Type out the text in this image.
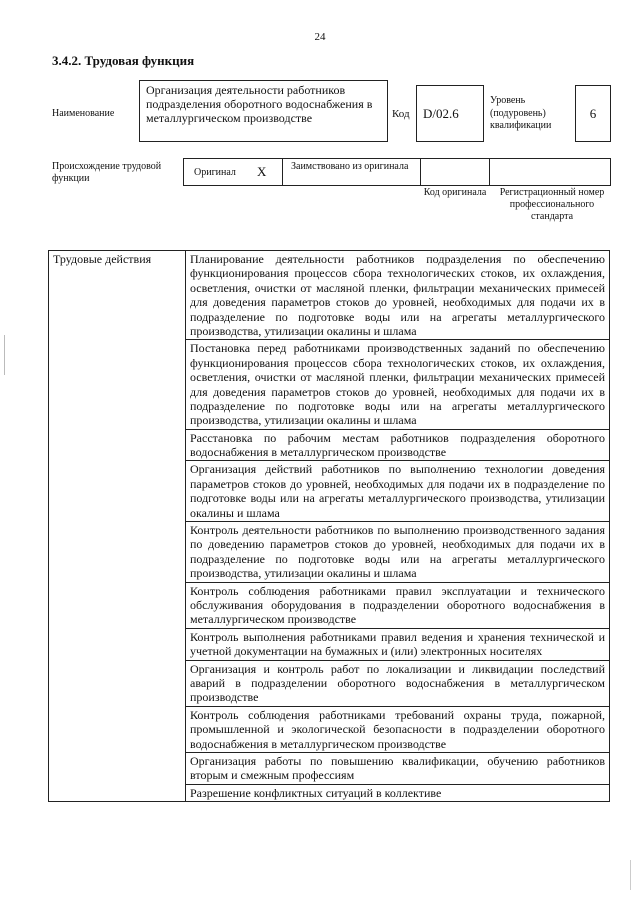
24
3.4.2. Трудовая функция
Наименование
Организация деятельности работников подразделения оборотного водоснабжения в металлургическом производстве	Код	D/02.6
Уровень (подуровень) квалификации
6
Происхождение трудовой функции
Оригинал X Заимствовано из оригинала
Код оригинала	Регистрационный номер профессионального стандарта
Трудовые действия	Планирование деятельности работников подразделения по обеспечению функционирования процессов сбора технологических стоков, их охлаждения, осветления, очистки от масляной пленки, фильтрации механических примесей для доведения параметров стоков до уровней, необходимых для подачи их в подразделение по подготовке воды или на агрегаты металлургического производства, утилизации окалины и шлама
Постановка перед работниками производственных заданий по обеспечению функционирования процессов сбора технологических стоков, их охлаждения, осветления, очистки от масляной пленки, фильтрации механических примесей для доведения параметров стоков до уровней, необходимых для подачи их в подразделение по подготовке воды или на агрегаты металлургического производства, утилизации окалины и шлама
Расстановка по рабочим местам работников подразделения оборотного водоснабжения в металлургическом производстве
Организация действий работников по выполнению технологии доведения параметров стоков до уровней, необходимых для подачи их в подразделение по подготовке воды или на агрегаты металлургического производства, утилизации окалины и шлама
Контроль деятельности работников по выполнению производственного задания по доведению параметров стоков до уровней, необходимых для подачи их в подразделение по подготовке воды или на агрегаты металлургического производства, утилизации окалины и шлама
Контроль соблюдения работниками правил эксплуатации и технического обслуживания оборудования в подразделении оборотного водоснабжения в металлургическом производстве
Контроль выполнения работниками правил ведения и хранения технической и учетной документации на бумажных и (или) электронных носителях
Организация и контроль работ по локализации и ликвидации последствий аварий в подразделении оборотного водоснабжения в металлургическом производстве
Контроль соблюдения работниками требований охраны труда, пожарной, промышленной и экологической безопасности в подразделении оборотного водоснабжения в металлургическом производстве
Организация работы по повышению квалификации, обучению работников вторым и смежным профессиям
Разрешение конфликтных ситуаций в коллективе
